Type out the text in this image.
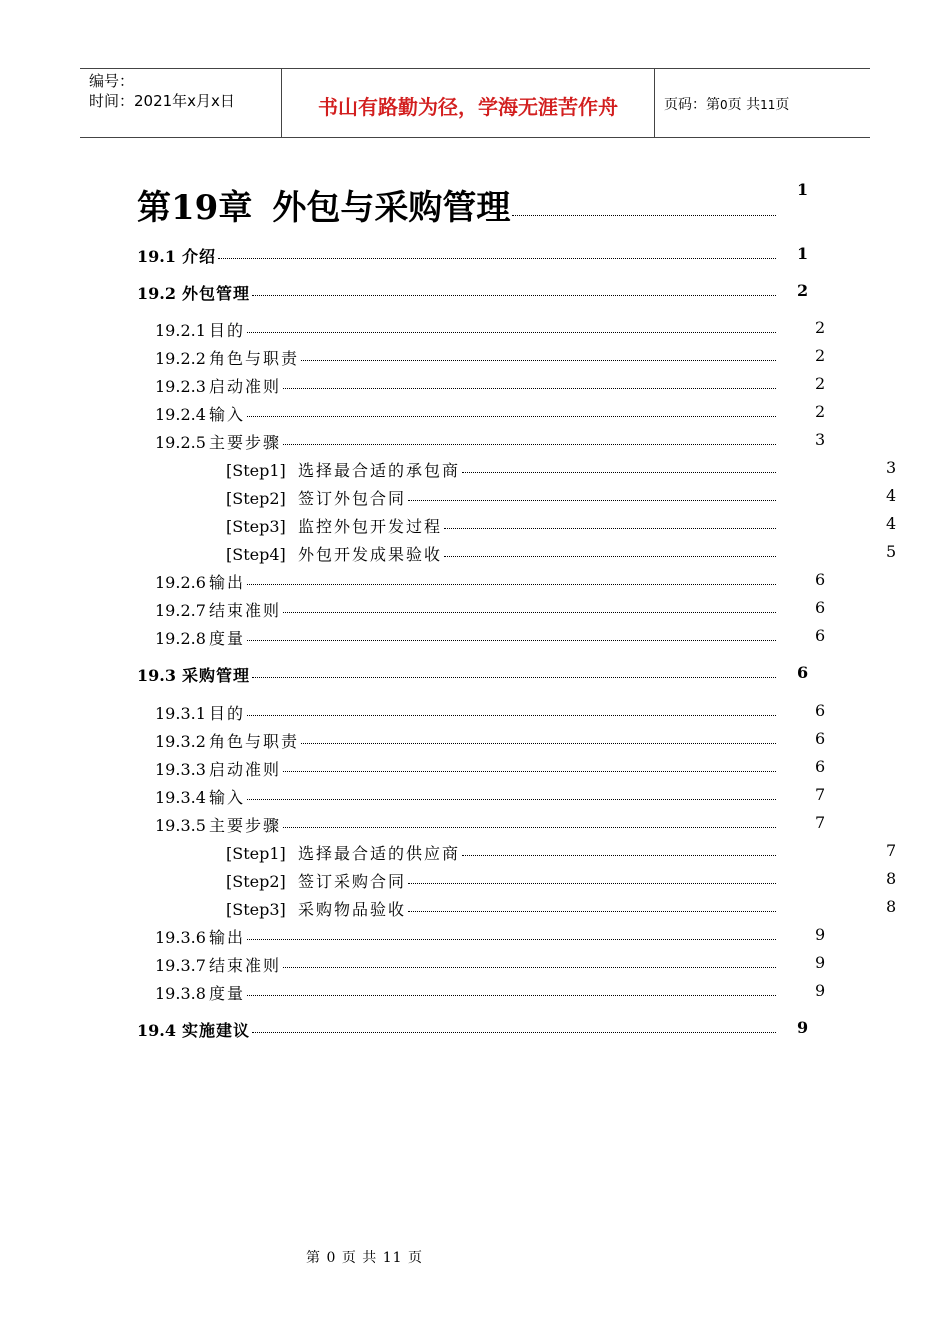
编号：
时间：2021年x月x日	书山有路勤为径，学海无涯苦作舟	页码：第0页 共11页
第19章 外包与采购管理	1
19.1 介绍	1
19.2 外包管理	2
19.2.1 目的	2
19.2.2 角色与职责	2
19.2.3 启动准则	2
19.2.4 输入	2
19.2.5 主要步骤	3
[Step1] 选择最合适的承包商	3
[Step2] 签订外包合同	4
[Step3] 监控外包开发过程	4
[Step4] 外包开发成果验收	5
19.2.6 输出	6
19.2.7 结束准则	6
19.2.8 度量	6
19.3 采购管理	6
19.3.1 目的	6
19.3.2 角色与职责	6
19.3.3 启动准则	6
19.3.4 输入	7
19.3.5 主要步骤	7
[Step1] 选择最合适的供应商	7
[Step2] 签订采购合同	8
[Step3] 采购物品验收	8
19.3.6 输出	9
19.3.7 结束准则	9
19.3.8 度量	9
19.4 实施建议	9
第 0 页 共 11 页
